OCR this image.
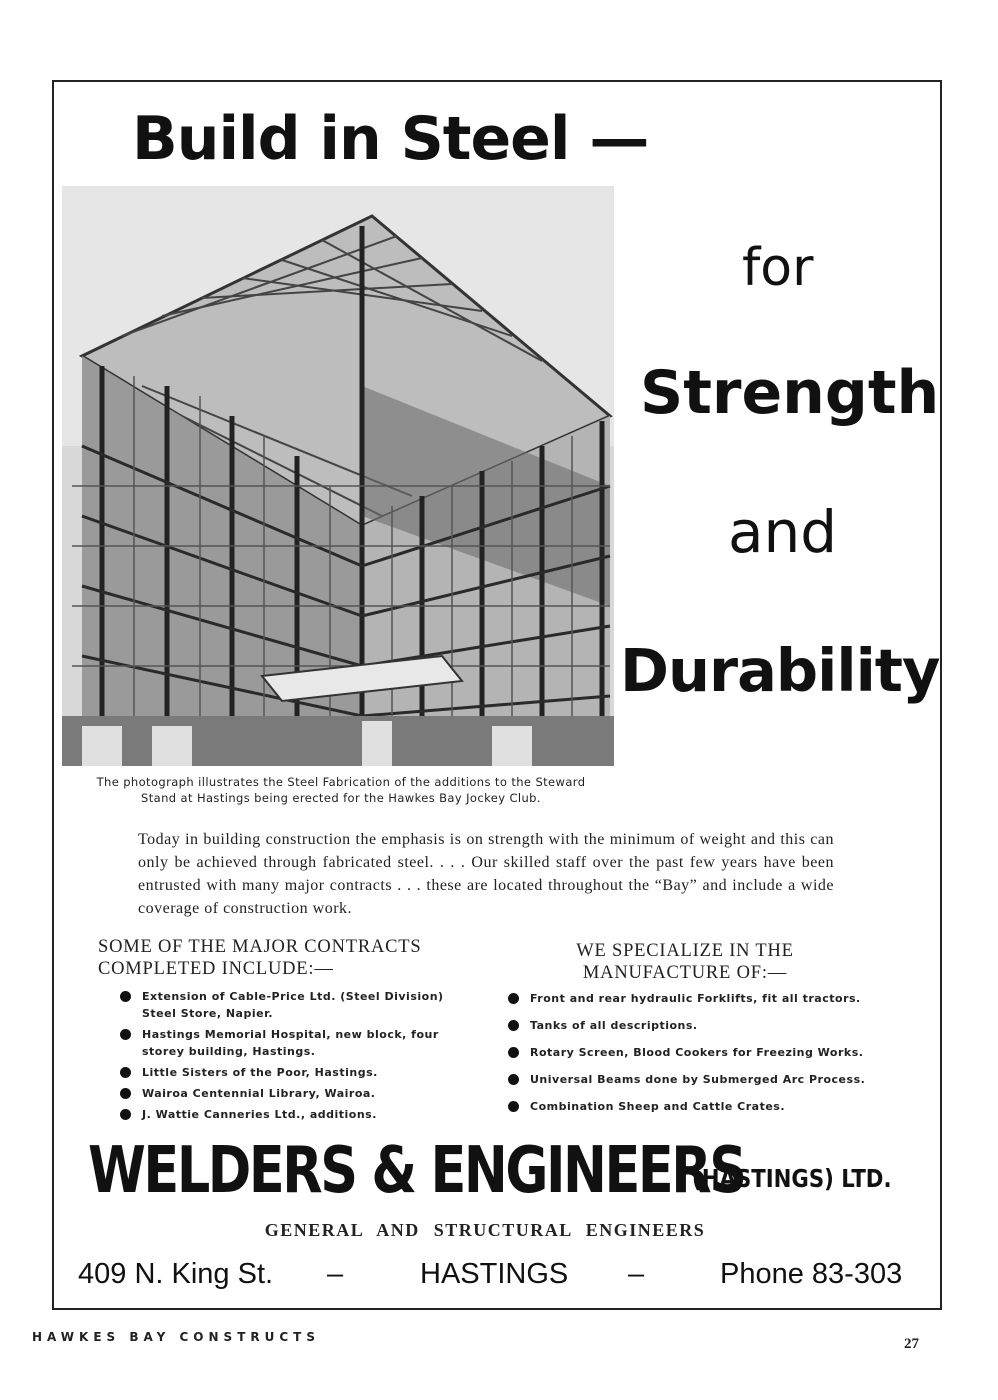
Build in Steel —

for

Strength

and

Durability

The photograph illustrates the Steel Fabrication of the additions to the Steward Stand at Hastings being erected for the Hawkes Bay Jockey Club.

Today in building construction the emphasis is on strength with the minimum of weight and this can only be achieved through fabricated steel. . . . Our skilled staff over the past few years have been entrusted with many major contracts . . . these are located throughout the “Bay” and include a wide coverage of construction work.

SOME OF THE MAJOR CONTRACTS COMPLETED INCLUDE:—

Extension of Cable-Price Ltd. (Steel Division) Steel Store, Napier.
Hastings Memorial Hospital, new block, four storey building, Hastings.
Little Sisters of the Poor, Hastings.
Wairoa Centennial Library, Wairoa.
J. Wattie Canneries Ltd., additions.

WE SPECIALIZE IN THE MANUFACTURE OF:—

Front and rear hydraulic Forklifts, fit all tractors.
Tanks of all descriptions.
Rotary Screen, Blood Cookers for Freezing Works.
Universal Beams done by Submerged Arc Process.
Combination Sheep and Cattle Crates.

WELDERS & ENGINEERS

(HASTINGS) LTD.

GENERAL AND STRUCTURAL ENGINEERS

409 N. King St. –	HASTINGS –	Phone 83-303

HAWKES BAY CONSTRUCTS	27
